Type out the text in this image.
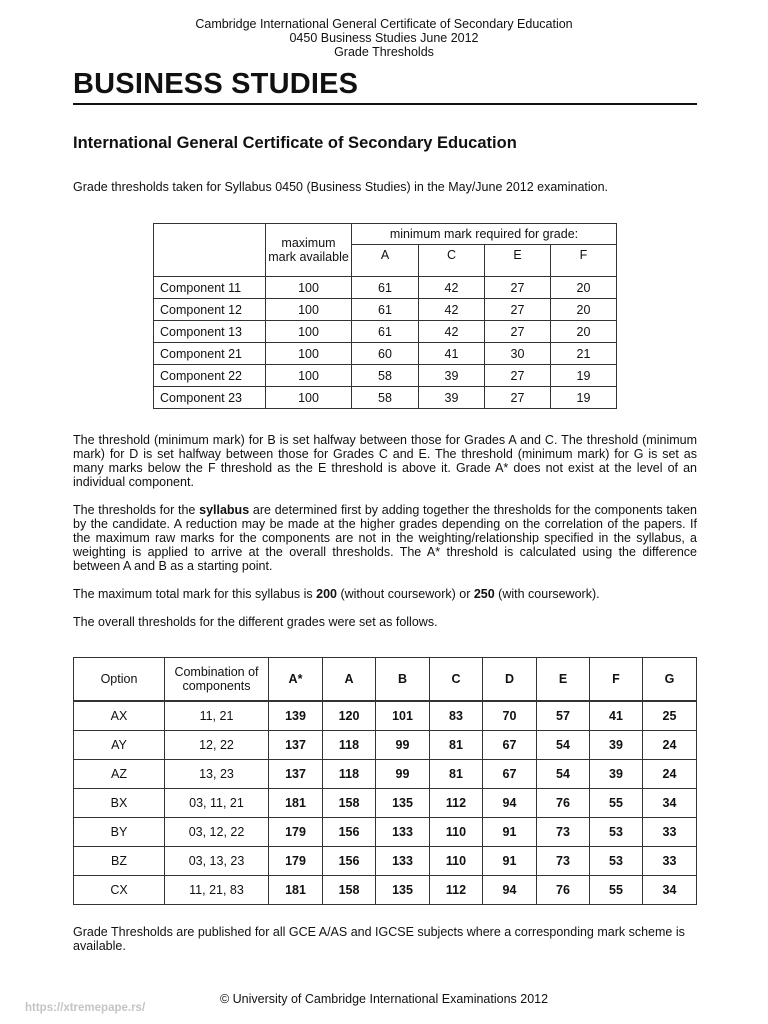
Cambridge International General Certificate of Secondary Education
0450 Business Studies June 2012
Grade Thresholds
BUSINESS STUDIES
International General Certificate of Secondary Education
Grade thresholds taken for Syllabus 0450 (Business Studies) in the May/June 2012 examination.
	maximum mark available	minimum mark required for grade:			
		A	C	E	F
Component 11	100	61	42	27	20
Component 12	100	61	42	27	20
Component 13	100	61	42	27	20
Component 21	100	60	41	30	21
Component 22	100	58	39	27	19
Component 23	100	58	39	27	19
The threshold (minimum mark) for B is set halfway between those for Grades A and C. The threshold (minimum mark) for D is set halfway between those for Grades C and E. The threshold (minimum mark) for G is set as many marks below the F threshold as the E threshold is above it. Grade A* does not exist at the level of an individual component.
The thresholds for the syllabus are determined first by adding together the thresholds for the components taken by the candidate. A reduction may be made at the higher grades depending on the correlation of the papers. If the maximum raw marks for the components are not in the weighting/relationship specified in the syllabus, a weighting is applied to arrive at the overall thresholds. The A* threshold is calculated using the difference between A and B as a starting point.
The maximum total mark for this syllabus is 200 (without coursework) or 250 (with coursework).
The overall thresholds for the different grades were set as follows.
Option	Combination of components	A*	A	B	C	D	E	F	G
AX	11, 21	139	120	101	83	70	57	41	25
AY	12, 22	137	118	99	81	67	54	39	24
AZ	13, 23	137	118	99	81	67	54	39	24
BX	03, 11, 21	181	158	135	112	94	76	55	34
BY	03, 12, 22	179	156	133	110	91	73	53	33
BZ	03, 13, 23	179	156	133	110	91	73	53	33
CX	11, 21, 83	181	158	135	112	94	76	55	34
Grade Thresholds are published for all GCE A/AS and IGCSE subjects where a corresponding mark scheme is available.
© University of Cambridge International Examinations 2012
https://xtremepape.rs/
